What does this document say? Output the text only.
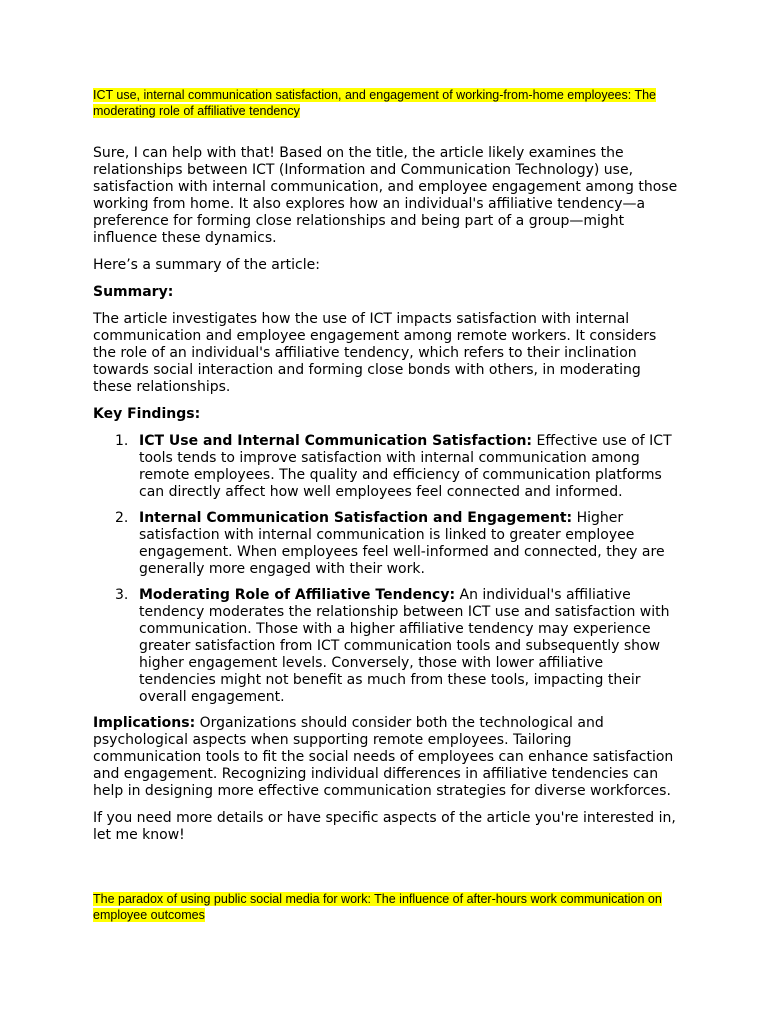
ICT use, internal communication satisfaction, and engagement of working-from-home employees: The moderating role of affiliative tendency

Sure, I can help with that! Based on the title, the article likely examines the relationships between ICT (Information and Communication Technology) use, satisfaction with internal communication, and employee engagement among those working from home. It also explores how an individual's affiliative tendency—a preference for forming close relationships and being part of a group—might influence these dynamics.

Here’s a summary of the article:

Summary:

The article investigates how the use of ICT impacts satisfaction with internal communication and employee engagement among remote workers. It considers the role of an individual's affiliative tendency, which refers to their inclination towards social interaction and forming close bonds with others, in moderating these relationships.

Key Findings:

1. ICT Use and Internal Communication Satisfaction: Effective use of ICT tools tends to improve satisfaction with internal communication among remote employees. The quality and efficiency of communication platforms can directly affect how well employees feel connected and informed.
2. Internal Communication Satisfaction and Engagement: Higher satisfaction with internal communication is linked to greater employee engagement. When employees feel well-informed and connected, they are generally more engaged with their work.
3. Moderating Role of Affiliative Tendency: An individual's affiliative tendency moderates the relationship between ICT use and satisfaction with communication. Those with a higher affiliative tendency may experience greater satisfaction from ICT communication tools and subsequently show higher engagement levels. Conversely, those with lower affiliative tendencies might not benefit as much from these tools, impacting their overall engagement.

Implications: Organizations should consider both the technological and psychological aspects when supporting remote employees. Tailoring communication tools to fit the social needs of employees can enhance satisfaction and engagement. Recognizing individual differences in affiliative tendencies can help in designing more effective communication strategies for diverse workforces.

If you need more details or have specific aspects of the article you're interested in, let me know!

The paradox of using public social media for work: The influence of after-hours work communication on employee outcomes
